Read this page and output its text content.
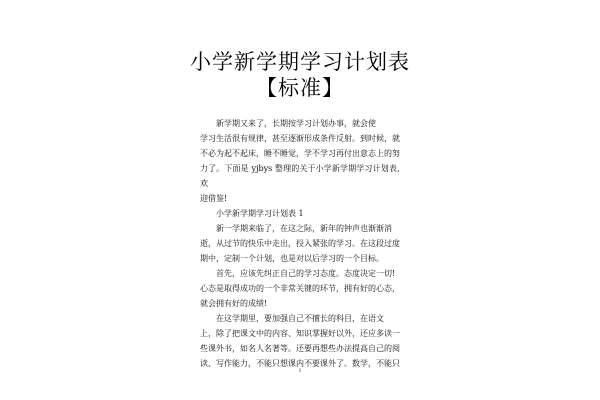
小学新学期学习计划表
【标准】

新学期又来了，长期按学习计划办事，就会使

学习生活很有规律，甚至逐渐形成条件反射。到时候，就

不必为起不起床，睡不睡觉，学不学习再付出意志上的努

力了。下面是 yjbys 整理的关于小学新学期学习计划表，欢

迎借鉴!

小学新学期学习计划表 1

新一学期来临了，在这之际，新年的钟声也渐渐消

逝，从过节的快乐中走出，投入紧张的学习。在这段过度

期中，定制一个计划，也是对以后学习的一个目标。

首先，应该先纠正自己的学习态度。态度决定一切!

心态是取得成功的一个非常关键的环节，拥有好的心态，

就会拥有好的成绩!

在这学期里，要加强自己不擅长的科目，在语文

上，除了把课文中的内容、知识掌握好以外，还应多读一

些课外书，如名人名著等。还要再想些办法提高自己的阅

读、写作能力，不能只想课内不要课外了。数学，不能只

1
